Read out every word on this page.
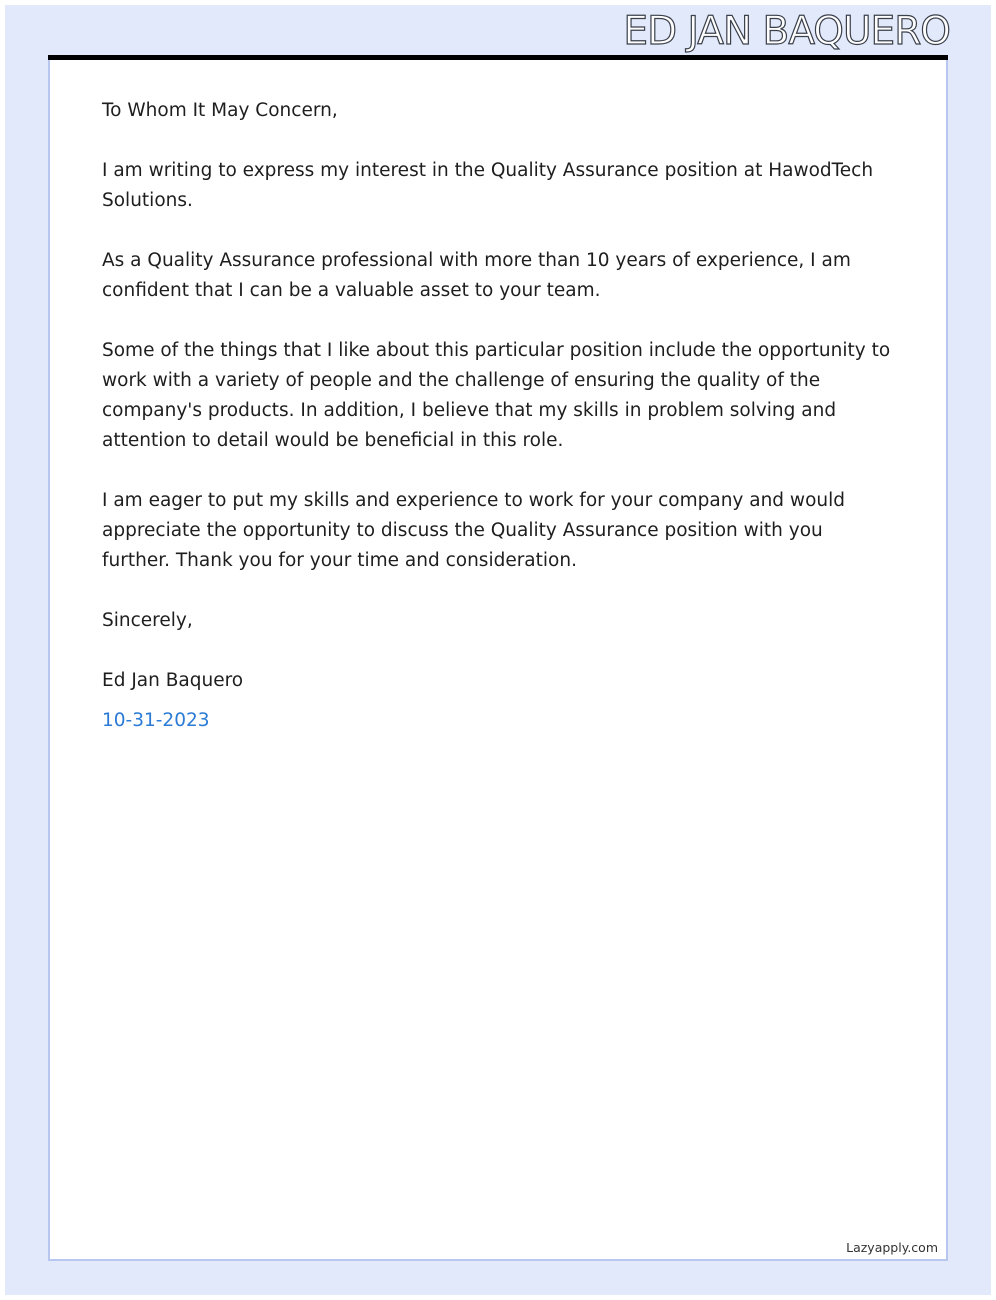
ED JAN BAQUERO

To Whom It May Concern,

I am writing to express my interest in the Quality Assurance position at HawodTech Solutions.

As a Quality Assurance professional with more than 10 years of experience, I am confident that I can be a valuable asset to your team.

Some of the things that I like about this particular position include the opportunity to work with a variety of people and the challenge of ensuring the quality of the company's products. In addition, I believe that my skills in problem solving and attention to detail would be beneficial in this role.

I am eager to put my skills and experience to work for your company and would appreciate the opportunity to discuss the Quality Assurance position with you further. Thank you for your time and consideration.

Sincerely,

Ed Jan Baquero

10-31-2023

Lazyapply.com
